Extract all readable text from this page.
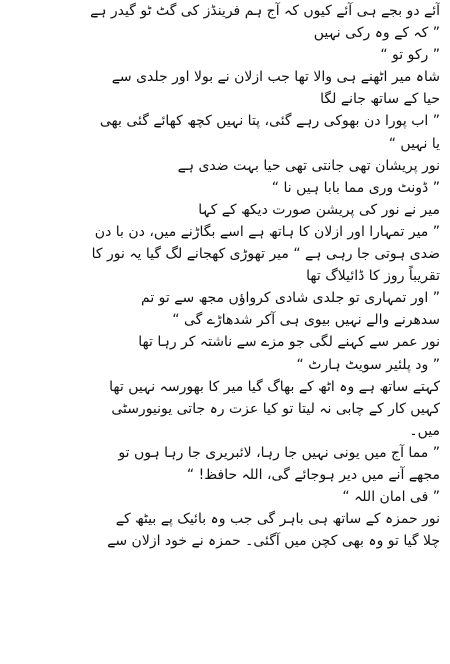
آئے دو بجے ہی آئے کیوں کہ آج ہم فرینڈز کی گٹ ٹو گیدر ہے
” کہ کے وہ رکی نہیں
” رکو تو “
شاہ میر اٹھنے ہی والا تھا جب ازلان نے بولا اور جلدی سے
حیا کے ساتھ جانے لگا
” اب پورا دن بھوکی رہے گئی، پتا نہیں کچھ کھائے گئی بھی
یا نہیں “
نور پریشان تھی جانتی تھی حیا بہت ضدی ہے
” ڈونٹ وری مما بابا ہیں نا “
میر نے نور کی پریشن صورت دیکھ کے کہا
” میر تمہارا اور ازلان کا ہاتھ ہے اسے بگاڑنے میں، دن با دن
ضدی ہوتی جا رہی ہے “ میر تھوڑی کھجانے لگ گیا یہ نور کا
تقریباً روز کا ڈائیلاگ تھا
” اور تمہاری تو جلدی شادی کرواؤں مجھ سے تو تم
سدھرنے والے نہیں بیوی ہی آکر شدھاڑے گی “
نور عمر سے کہنے لگی جو مزے سے ناشتہ کر رہا تھا
” ود پلئیر سویٹ ہارٹ “
کہتے ساتھ ہے وہ اٹھ کے بھاگ گیا میر کا بھورسہ نہیں تھا
کہیں کار کے چابی نہ لیتا تو کیا عزت رہ جاتی یونیورسٹی
میں۔
” مما آج میں یونی نہیں جا رہا، لائبریری جا رہا ہوں تو
مجھے آنے میں دیر ہوجائے گی، اللہ حافظ! “
” فی امان اللہ “
نور حمزہ کے ساتھ ہی باہر گی جب وہ بائیک پے بیٹھ کے
چلا گیا تو وہ بھی کچن میں آگئی۔ حمزہ نے خود ازلان سے
